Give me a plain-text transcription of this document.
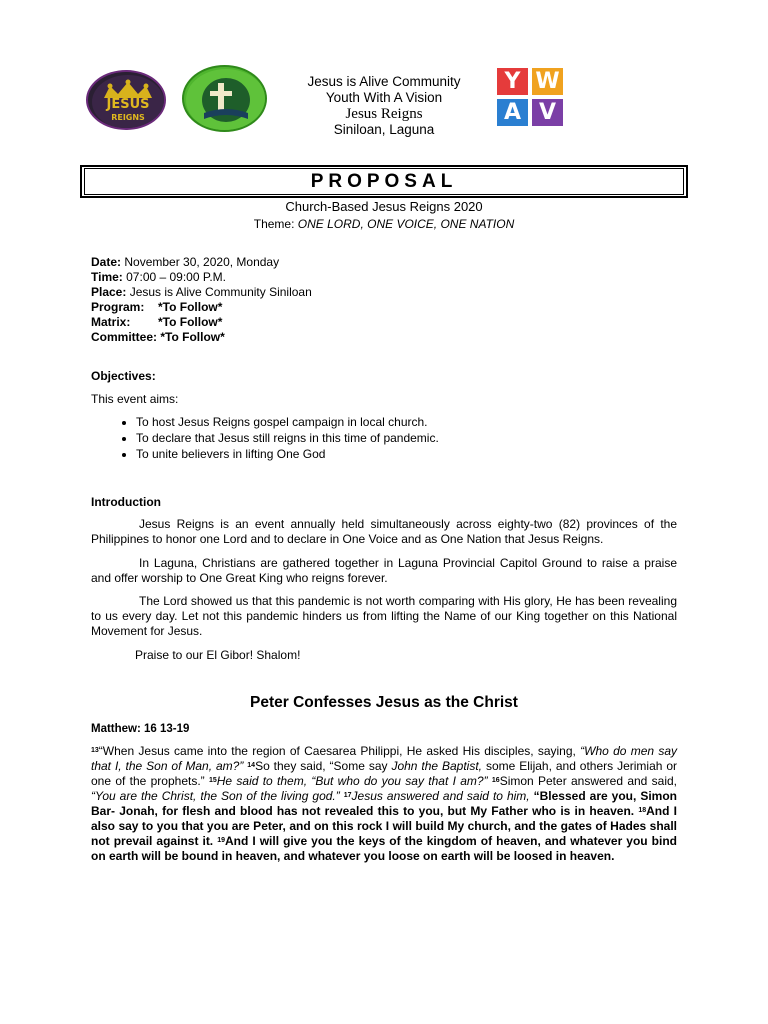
JESUS
REIGNS
Jesus is Alive Community
Youth With A Vision
Jesus Reigns
Siniloan, Laguna
Y W
A V
PROPOSAL
Church-Based Jesus Reigns 2020
Theme: ONE LORD, ONE VOICE, ONE NATION
Date: November 30, 2020, Monday
Time: 07:00 – 09:00 P.M.
Place: Jesus is Alive Community Siniloan
Program: *To Follow*
Matrix: *To Follow*
Committee: *To Follow*
Objectives:
This event aims:
• To host Jesus Reigns gospel campaign in local church.
• To declare that Jesus still reigns in this time of pandemic.
• To unite believers in lifting One God
Introduction
Jesus Reigns is an event annually held simultaneously across eighty-two (82) provinces of the Philippines to honor one Lord and to declare in One Voice and as One Nation that Jesus Reigns.
In Laguna, Christians are gathered together in Laguna Provincial Capitol Ground to raise a praise and offer worship to One Great King who reigns forever.
The Lord showed us that this pandemic is not worth comparing with His glory, He has been revealing to us every day. Let not this pandemic hinders us from lifting the Name of our King together on this National Movement for Jesus.
Praise to our El Gibor! Shalom!
Peter Confesses Jesus as the Christ
Matthew: 16 13-19
$^{13}$“When Jesus came into the region of Caesarea Philippi, He asked His disciples, saying, “Who do men say that I, the Son of Man, am?” $^{14}$So they said, “Some say John the Baptist, some Elijah, and others Jerimiah or one of the prophets.” $^{15}$He said to them, “But who do you say that I am?” $^{16}$Simon Peter answered and said, “You are the Christ, the Son of the living god.” $^{17}$Jesus answered and said to him, “Blessed are you, Simon Bar- Jonah, for flesh and blood has not revealed this to you, but My Father who is in heaven. $^{18}$And I also say to you that you are Peter, and on this rock I will build My church, and the gates of Hades shall not prevail against it. $^{19}$And I will give you the keys of the kingdom of heaven, and whatever you bind on earth will be bound in heaven, and whatever you loose on earth will be loosed in heaven.
